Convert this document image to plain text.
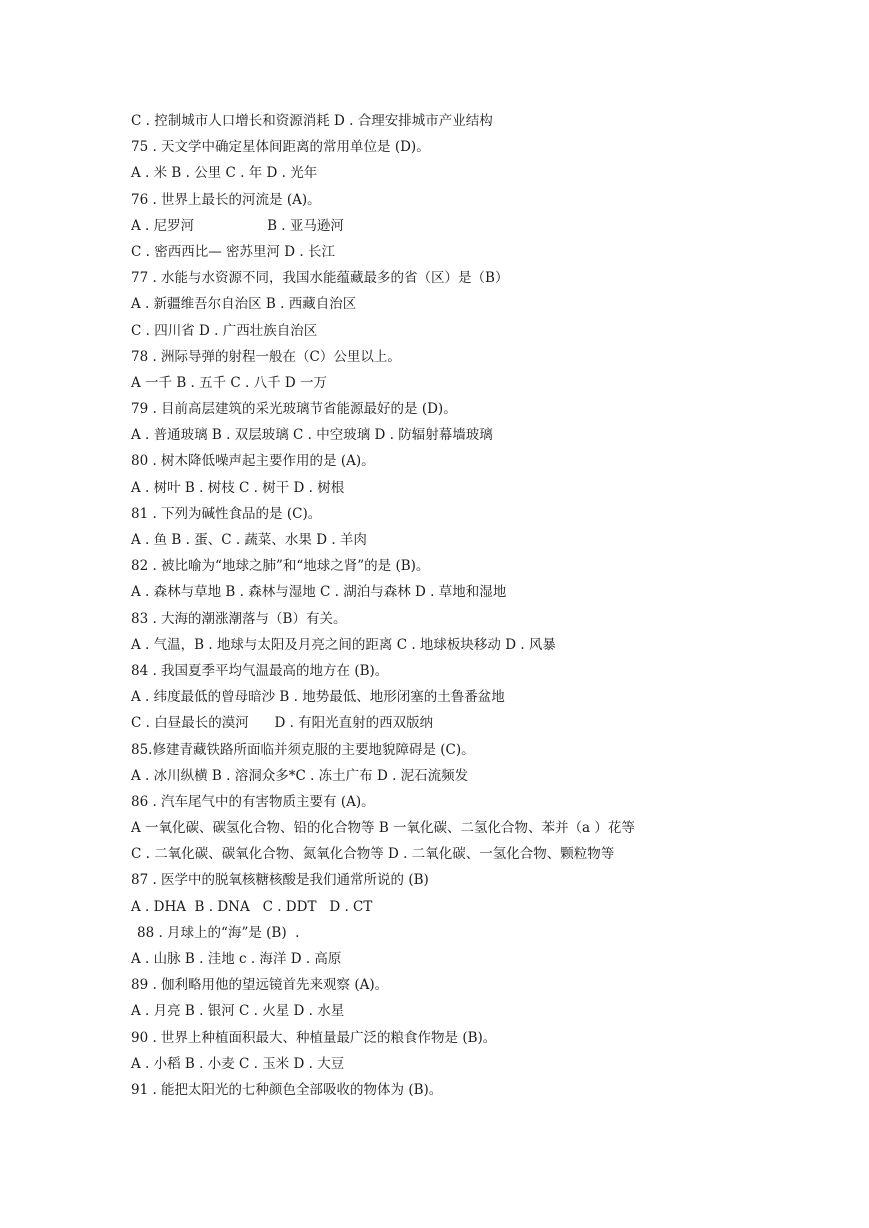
C . 控制城市人口增长和资源消耗 D . 合理安排城市产业结构
75 . 天文学中确定星体间距离的常用单位是 (D)。
A . 米 B . 公里 C . 年 D . 光年
76 . 世界上最长的河流是 (A)。
A . 尼罗河                 B . 亚马逊河
C . 密西西比— 密苏里河 D . 长江
77 . 水能与水资源不同，我国水能蕴藏最多的省（区）是（B）
A . 新疆维吾尔自治区 B . 西藏自治区
C . 四川省 D . 广西壮族自治区
78 . 洲际导弹的射程一般在（C）公里以上。
A 一千 B . 五千 C . 八千 D 一万
79 . 目前高层建筑的采光玻璃节省能源最好的是 (D)。
A . 普通玻璃 B . 双层玻璃 C . 中空玻璃 D . 防辐射幕墙玻璃
80 . 树木降低噪声起主要作用的是 (A)。
A . 树叶 B . 树枝 C . 树干 D . 树根
81 . 下列为碱性食品的是 (C)。
A . 鱼 B . 蛋、C . 蔬菜、水果 D . 羊肉
82 . 被比喻为“地球之肺”和“地球之肾”的是 (B)。
A . 森林与草地 B . 森林与湿地 C . 湖泊与森林 D . 草地和湿地
83 . 大海的潮涨潮落与（B）有关。
A . 气温，B . 地球与太阳及月亮之间的距离 C . 地球板块移动 D . 风暴
84 . 我国夏季平均气温最高的地方在 (B)。
A . 纬度最低的曾母暗沙 B . 地势最低、地形闭塞的土鲁番盆地
C . 白昼最长的漠河      D . 有阳光直射的西双版纳
85.修建青藏铁路所面临并须克服的主要地貌障碍是 (C)。
A . 冰川纵横 B . 溶洞众多*C . 冻土广布 D . 泥石流频发
86 . 汽车尾气中的有害物质主要有 (A)。
A 一氧化碳、碳氢化合物、铅的化合物等 B 一氧化碳、二氢化合物、苯并（a ）花等
C . 二氧化碳、碳氧化合物、氮氧化合物等 D . 二氧化碳、一氢化合物、颗粒物等
87 . 医学中的脱氧核糖核酸是我们通常所说的 (B)
A . DHA  B . DNA   C . DDT   D . CT
88 . 月球上的“海”是 (B)  .
A . 山脉 B . 洼地 c . 海洋 D . 高原
89 . 伽利略用他的望远镜首先来观察 (A)。
A . 月亮 B . 银河 C . 火星 D . 水星
90 . 世界上种植面积最大、种植量最广泛的粮食作物是 (B)。
A . 小稻 B . 小麦 C . 玉米 D . 大豆
91 . 能把太阳光的七种颜色全部吸收的物体为 (B)。
